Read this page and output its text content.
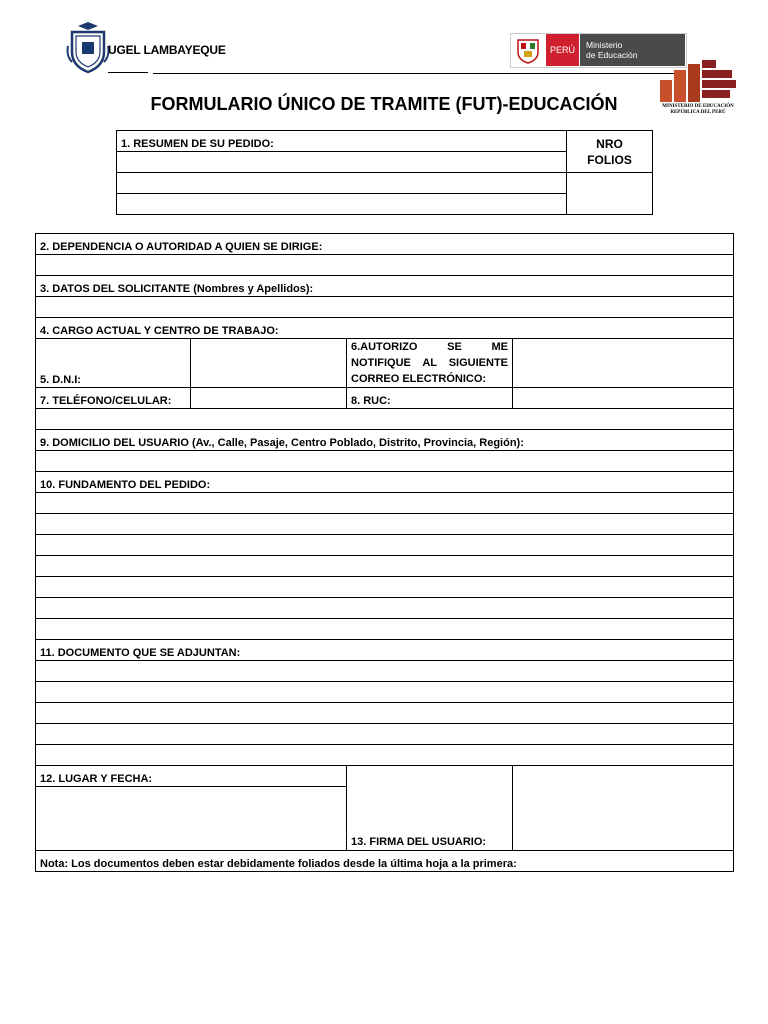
UGEL LAMBAYEQUE	PERÚ	Ministerio
de Educación
MINISTERIO DE EDUCACIÓN
REPÚBLICA DEL PERÚ
FORMULARIO ÚNICO DE TRAMITE (FUT)-EDUCACIÓN
1. RESUMEN DE SU PEDIDO:	NRO
FOLIOS

2. DEPENDENCIA O AUTORIDAD A QUIEN SE DIRIGE:			

3. DATOS DEL SOLICITANTE (Nombres y Apellidos):			

4. CARGO ACTUAL Y CENTRO DE TRABAJO:			
5. D.N.I:		6.AUTORIZO SE ME
NOTIFIQUE AL SIGUIENTE
CORREO ELECTRÓNICO:	

7. TELÉFONO/CELULAR:		8. RUC:	

9. DOMICILIO DEL USUARIO (Av., Calle, Pasaje, Centro Poblado, Distrito, Provincia, Región):			

10. FUNDAMENTO DEL PEDIDO:			

11. DOCUMENTO QUE SE ADJUNTAN:			

12. LUGAR Y FECHA:		13. FIRMA DEL USUARIO:	

Nota: Los documentos deben estar debidamente foliados desde la última hoja a la primera:			
